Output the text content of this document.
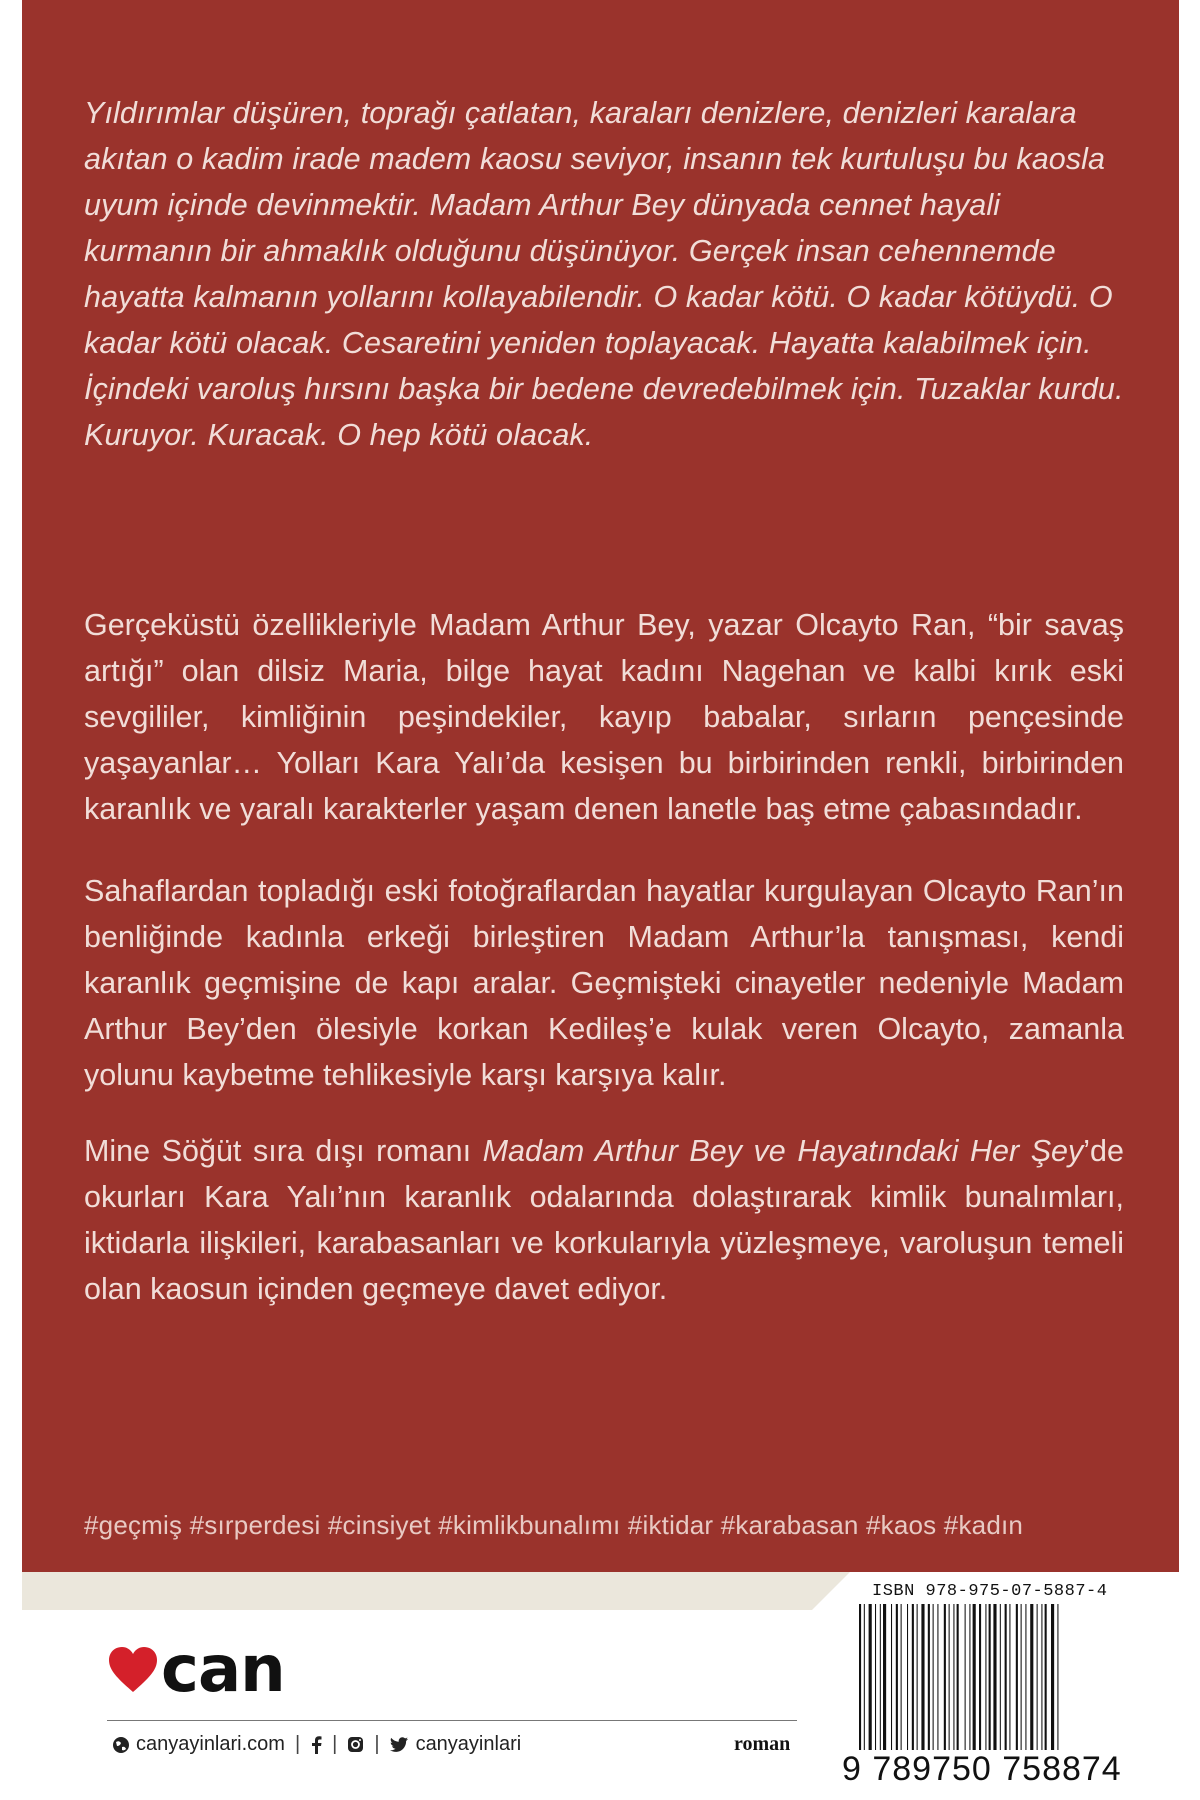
Yıldırımlar düşüren, toprağı çatlatan, karaları denizlere, denizleri karalara akıtan o kadim irade madem kaosu seviyor, insanın tek kurtuluşu bu kaosla uyum içinde devinmektir. Madam Arthur Bey dünyada cennet hayali kurmanın bir ahmaklık olduğunu düşünüyor. Gerçek insan cehennemde hayatta kalmanın yollarını kollayabilendir. O kadar kötü. O kadar kötüydü. O kadar kötü olacak. Cesaretini yeniden toplayacak. Hayatta kalabilmek için. İçindeki varoluş hırsını başka bir bedene devredebilmek için. Tuzaklar kurdu. Kuruyor. Kuracak. O hep kötü olacak.

Gerçeküstü özellikleriyle Madam Arthur Bey, yazar Olcayto Ran, “bir savaş artığı” olan dilsiz Maria, bilge hayat kadını Nagehan ve kalbi kırık eski sevgililer, kimliğinin peşindekiler, kayıp babalar, sırların pençesinde yaşayanlar… Yolları Kara Yalı’da kesişen bu birbirinden renkli, birbirinden karanlık ve yaralı karakterler yaşam denen lanetle baş etme çabasındadır.

Sahaflardan topladığı eski fotoğraflardan hayatlar kurgulayan Olcayto Ran’ın benliğinde kadınla erkeği birleştiren Madam Arthur’la tanışması, kendi karanlık geçmişine de kapı aralar. Geçmişteki cinayetler nedeniyle Madam Arthur Bey’den ölesiyle korkan Kedileş’e kulak veren Olcayto, zamanla yolunu kaybetme tehlikesiyle karşı karşıya kalır.

Mine Söğüt sıra dışı romanı Madam Arthur Bey ve Hayatındaki Her Şey’de okurları Kara Yalı’nın karanlık odalarında dolaştırarak kimlik bunalımları, iktidarla ilişkileri, karabasanları ve korkularıyla yüzleşmeye, varoluşun temeli olan kaosun içinden geçmeye davet ediyor.

#geçmiş #sırperdesi #cinsiyet #kimlikbunalımı #iktidar #karabasan #kaos #kadın
can
canyayinlari.com | | | canyayinlari	roman
ISBN 978-975-07-5887-4
9 789750 758874
